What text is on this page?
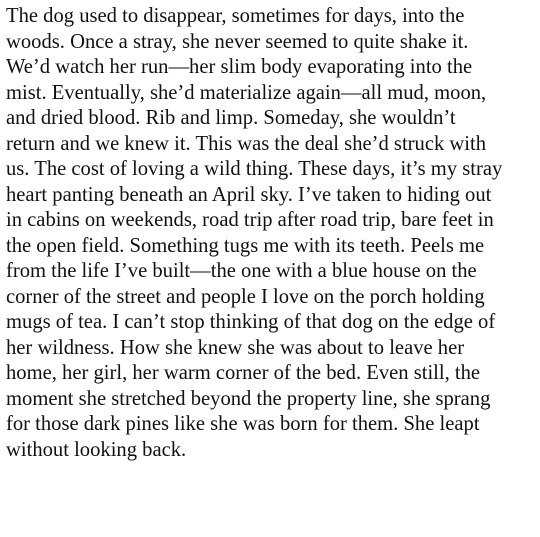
The dog used to disappear, sometimes for days, into the
woods. Once a stray, she never seemed to quite shake it.
We’d watch her run—her slim body evaporating into the
mist. Eventually, she’d materialize again—all mud, moon,
and dried blood. Rib and limp. Someday, she wouldn’t
return and we knew it. This was the deal she’d struck with
us. The cost of loving a wild thing. These days, it’s my stray
heart panting beneath an April sky. I’ve taken to hiding out
in cabins on weekends, road trip after road trip, bare feet in
the open field. Something tugs me with its teeth. Peels me
from the life I’ve built—the one with a blue house on the
corner of the street and people I love on the porch holding
mugs of tea. I can’t stop thinking of that dog on the edge of
her wildness. How she knew she was about to leave her
home, her girl, her warm corner of the bed. Even still, the
moment she stretched beyond the property line, she sprang
for those dark pines like she was born for them. She leapt
without looking back.
